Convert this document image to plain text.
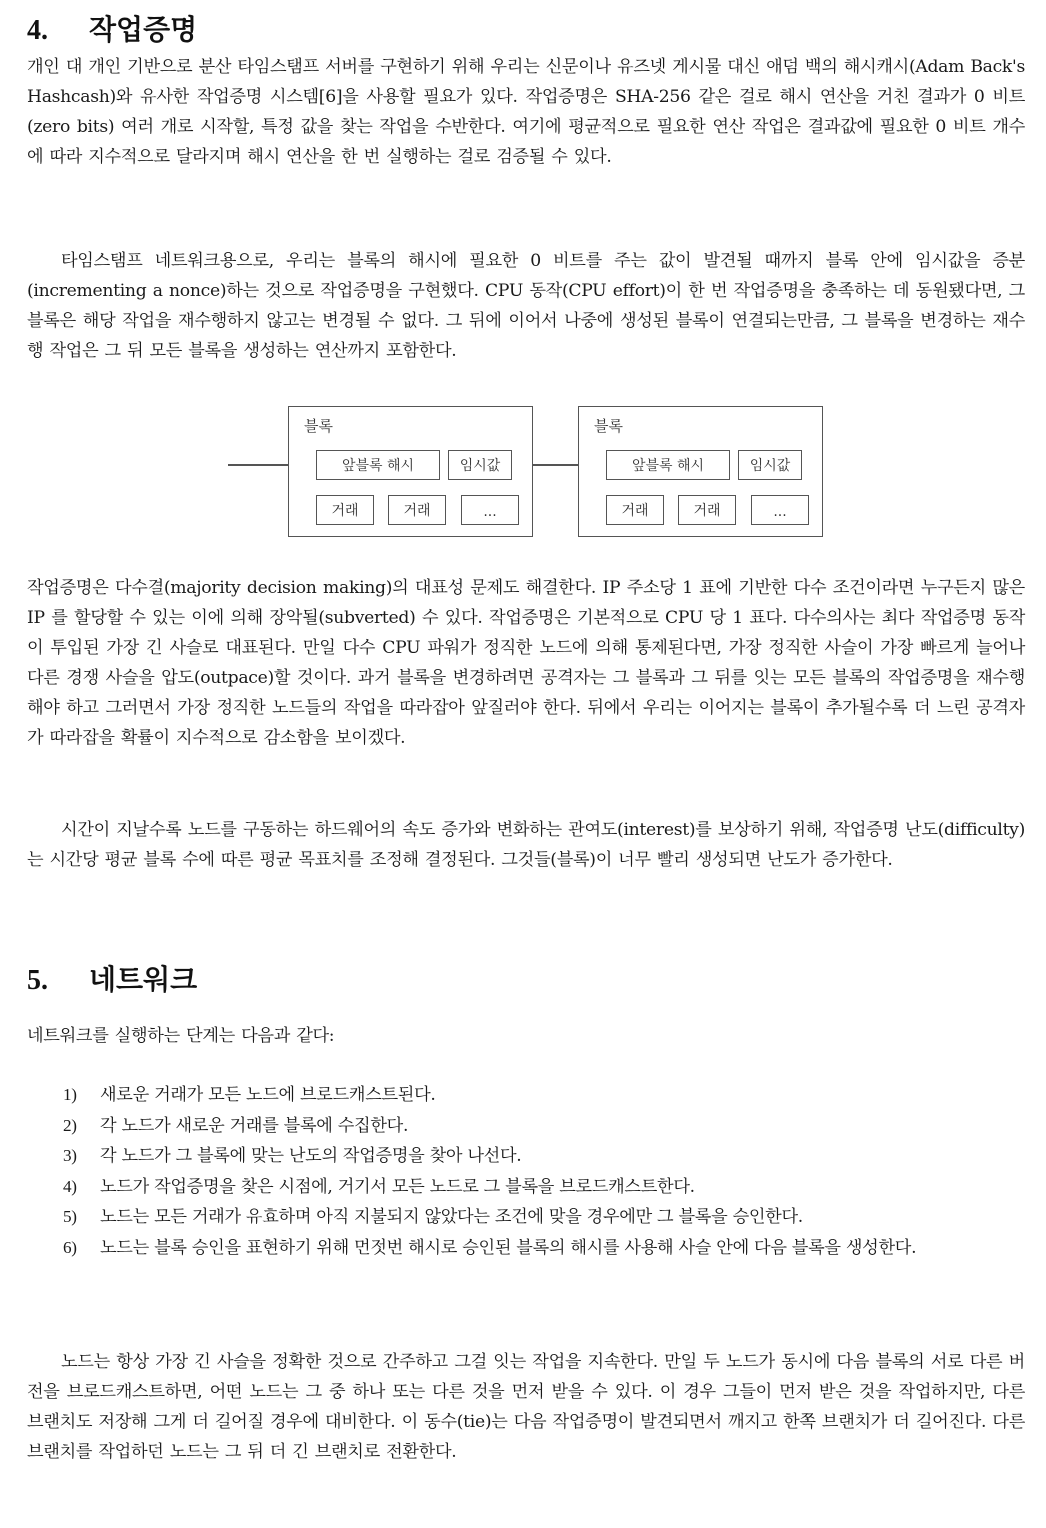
4.	작업증명

개인 대 개인 기반으로 분산 타임스탬프 서버를 구현하기 위해 우리는 신문이나 유즈넷 게시물 대신 애덤 백의 해시캐시(Adam Back's Hashcash)와 유사한 작업증명 시스템[6]을 사용할 필요가 있다. 작업증명은 SHA-256 같은 걸로 해시 연산을 거친 결과가 0 비트(zero bits) 여러 개로 시작할, 특정 값을 찾는 작업을 수반한다. 여기에 평균적으로 필요한 연산 작업은 결과값에 필요한 0 비트 개수에 따라 지수적으로 달라지며 해시 연산을 한 번 실행하는 걸로 검증될 수 있다.

타임스탬프 네트워크용으로, 우리는 블록의 해시에 필요한 0 비트를 주는 값이 발견될 때까지 블록 안에 임시값을 증분(incrementing a nonce)하는 것으로 작업증명을 구현했다. CPU 동작(CPU effort)이 한 번 작업증명을 충족하는 데 동원됐다면, 그 블록은 해당 작업을 재수행하지 않고는 변경될 수 없다. 그 뒤에 이어서 나중에 생성된 블록이 연결되는만큼, 그 블록을 변경하는 재수행 작업은 그 뒤 모든 블록을 생성하는 연산까지 포함한다.

블록
앞블록 해시	임시값
거래	거래	...
블록
앞블록 해시	임시값
거래	거래	...

작업증명은 다수결(majority decision making)의 대표성 문제도 해결한다. IP 주소당 1 표에 기반한 다수 조건이라면 누구든지 많은 IP 를 할당할 수 있는 이에 의해 장악될(subverted) 수 있다. 작업증명은 기본적으로 CPU 당 1 표다. 다수의사는 최다 작업증명 동작이 투입된 가장 긴 사슬로 대표된다. 만일 다수 CPU 파워가 정직한 노드에 의해 통제된다면, 가장 정직한 사슬이 가장 빠르게 늘어나 다른 경쟁 사슬을 압도(outpace)할 것이다. 과거 블록을 변경하려면 공격자는 그 블록과 그 뒤를 잇는 모든 블록의 작업증명을 재수행해야 하고 그러면서 가장 정직한 노드들의 작업을 따라잡아 앞질러야 한다. 뒤에서 우리는 이어지는 블록이 추가될수록 더 느린 공격자가 따라잡을 확률이 지수적으로 감소함을 보이겠다.

시간이 지날수록 노드를 구동하는 하드웨어의 속도 증가와 변화하는 관여도(interest)를 보상하기 위해, 작업증명 난도(difficulty)는 시간당 평균 블록 수에 따른 평균 목표치를 조정해 결정된다. 그것들(블록)이 너무 빨리 생성되면 난도가 증가한다.

5.	네트워크

네트워크를 실행하는 단계는 다음과 같다:

1) 새로운 거래가 모든 노드에 브로드캐스트된다.
2) 각 노드가 새로운 거래를 블록에 수집한다.
3) 각 노드가 그 블록에 맞는 난도의 작업증명을 찾아 나선다.
4) 노드가 작업증명을 찾은 시점에, 거기서 모든 노드로 그 블록을 브로드캐스트한다.
5) 노드는 모든 거래가 유효하며 아직 지불되지 않았다는 조건에 맞을 경우에만 그 블록을 승인한다.
6) 노드는 블록 승인을 표현하기 위해 먼젓번 해시로 승인된 블록의 해시를 사용해 사슬 안에 다음 블록을 생성한다.

노드는 항상 가장 긴 사슬을 정확한 것으로 간주하고 그걸 잇는 작업을 지속한다. 만일 두 노드가 동시에 다음 블록의 서로 다른 버전을 브로드캐스트하면, 어떤 노드는 그 중 하나 또는 다른 것을 먼저 받을 수 있다. 이 경우 그들이 먼저 받은 것을 작업하지만, 다른 브랜치도 저장해 그게 더 길어질 경우에 대비한다. 이 동수(tie)는 다음 작업증명이 발견되면서 깨지고 한쪽 브랜치가 더 길어진다. 다른 브랜치를 작업하던 노드는 그 뒤 더 긴 브랜치로 전환한다.
